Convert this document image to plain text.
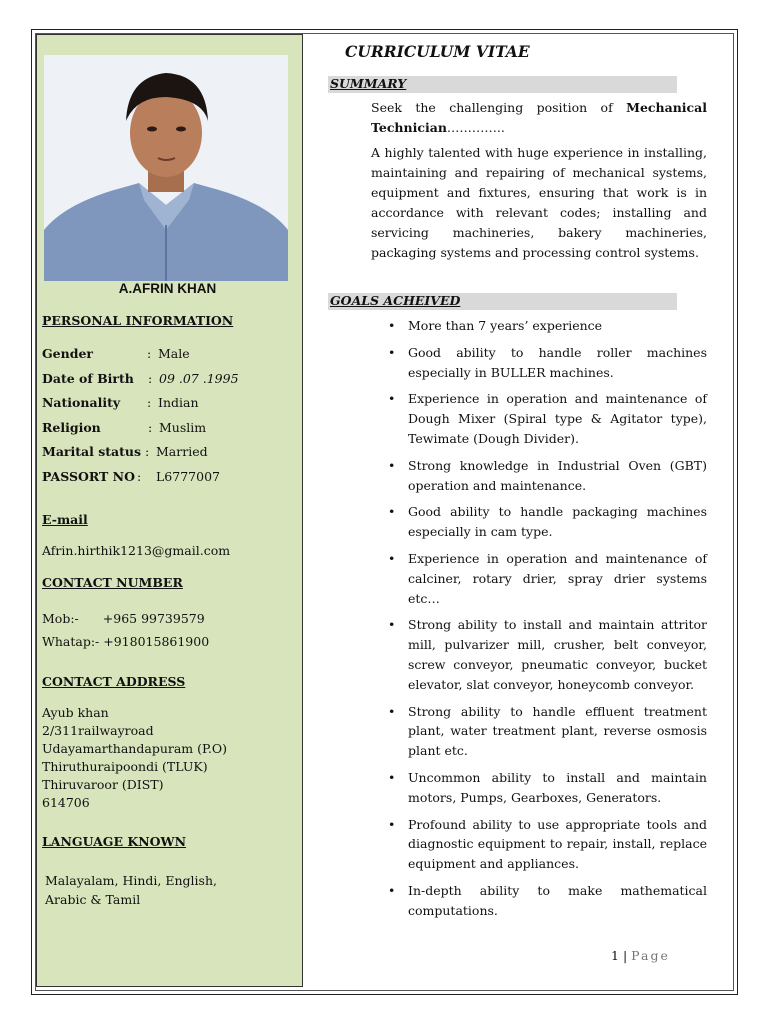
A.AFRIN KHAN
PERSONAL INFORMATION
Gender	: Male
Date of Birth : 09 .07 .1995
Nationality : Indian
Religion	: Muslim
Marital status : Married
PASSORT NO : L6777007
E-mail
Afrin.hirthik1213@gmail.com
CONTACT NUMBER
Mob:- +965 99739579
Whatap:- +918015861900
CONTACT ADDRESS
Ayub khan
2/311railwayroad
Udayamarthandapuram (P.O)
Thiruthuraipoondi (TLUK)
Thiruvaroor (DIST)
614706
LANGUAGE KNOWN
Malayalam, Hindi, English,
Arabic & Tamil
CURRICULUM VITAE
SUMMARY
Seek the challenging position of Mechanical Technician…………..
A highly talented with huge experience in installing, maintaining and repairing of mechanical systems, equipment and fixtures, ensuring that work is in accordance with relevant codes; installing and servicing machineries, bakery machineries, packaging systems and processing control systems.
GOALS ACHEIVED
• More than 7 years’ experience
• Good ability to handle roller machines especially in BULLER machines.
• Experience in operation and maintenance of Dough Mixer (Spiral type & Agitator type), Tewimate (Dough Divider).
• Strong knowledge in Industrial Oven (GBT) operation and maintenance.
• Good ability to handle packaging machines especially in cam type.
• Experience in operation and maintenance of calciner, rotary drier, spray drier systems etc…
• Strong ability to install and maintain attritor mill, pulvarizer mill, crusher, belt conveyor, screw conveyor, pneumatic conveyor, bucket elevator, slat conveyor, honeycomb conveyor.
• Strong ability to handle effluent treatment plant, water treatment plant, reverse osmosis plant etc.
• Uncommon ability to install and maintain motors, Pumps, Gearboxes, Generators.
• Profound ability to use appropriate tools and diagnostic equipment to repair, install, replace equipment and appliances.
• In-depth ability to make mathematical computations.
1 | Page
